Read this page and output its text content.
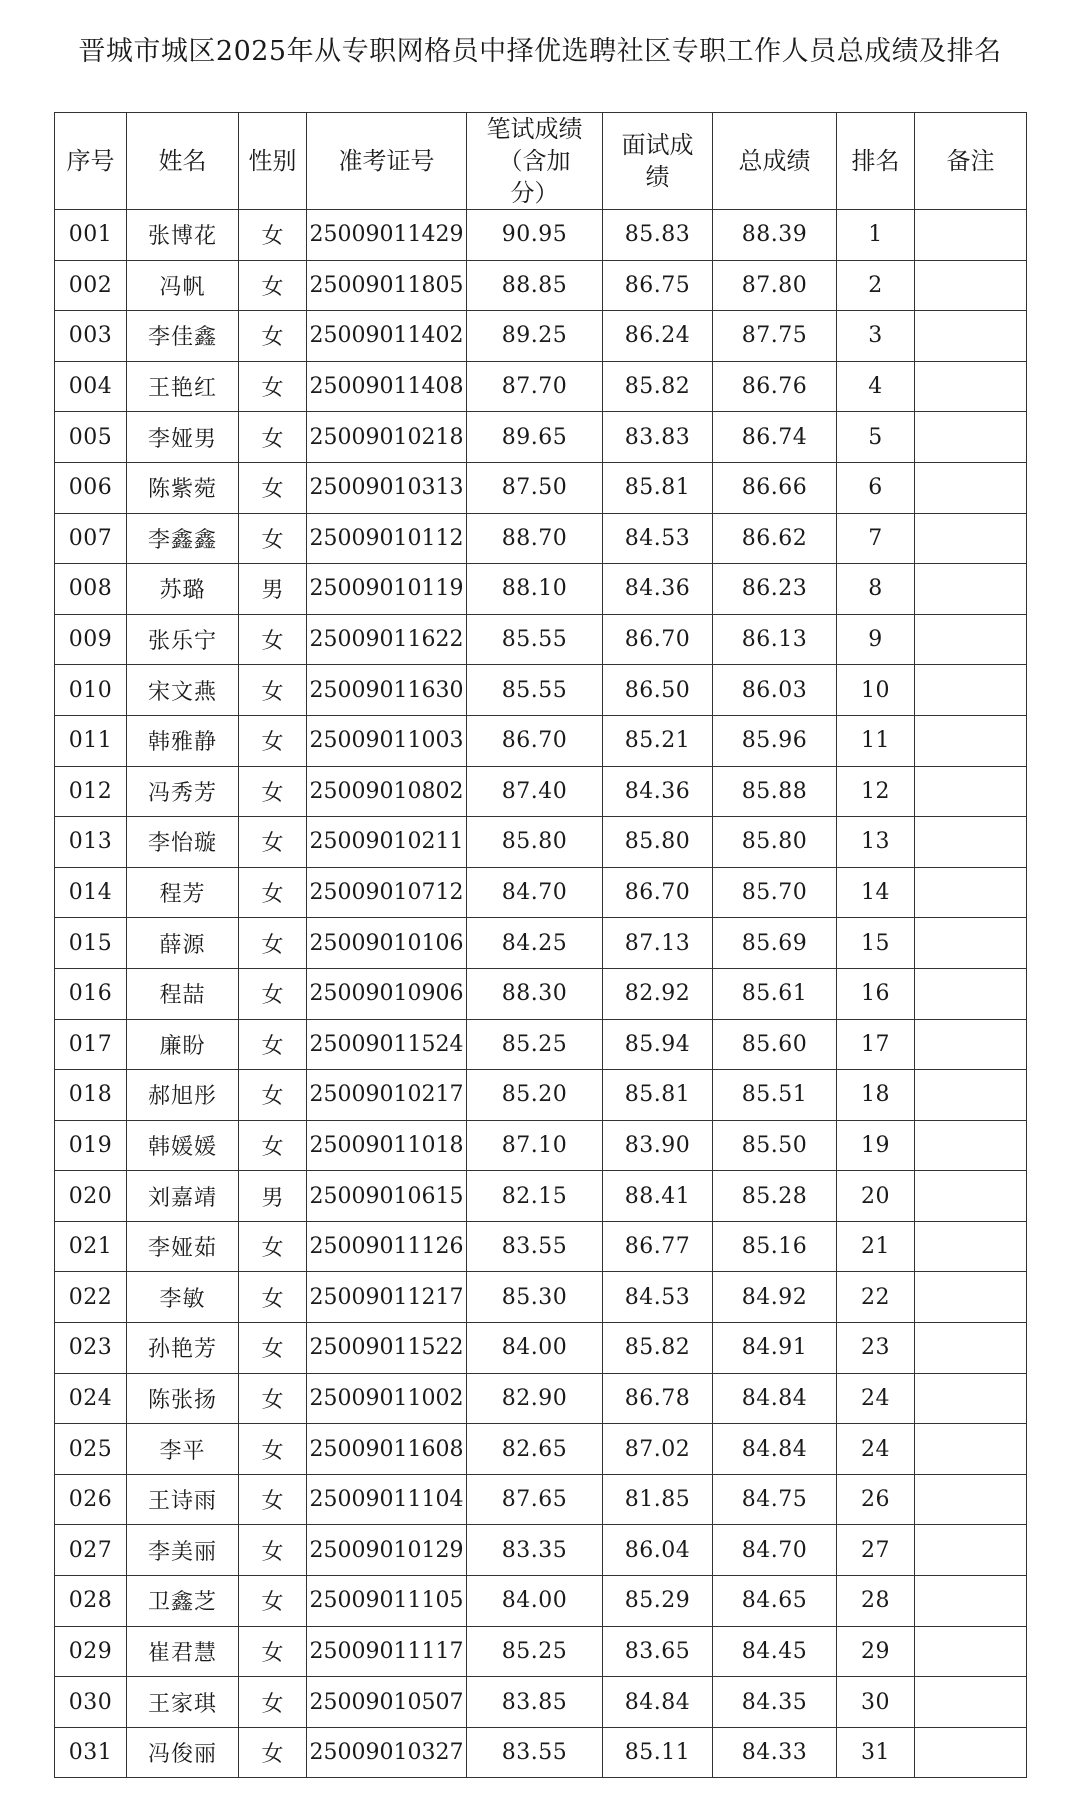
晋城市城区2025年从专职网格员中择优选聘社区专职工作人员总成绩及排名
序号	姓名	性别	准考证号	笔试成绩（含加分）	面试成绩	总成绩	排名	备注
001	张博花	女	25009011429	90.95	85.83	88.39	1	
002	冯帆	女	25009011805	88.85	86.75	87.80	2	
003	李佳鑫	女	25009011402	89.25	86.24	87.75	3	
004	王艳红	女	25009011408	87.70	85.82	86.76	4	
005	李娅男	女	25009010218	89.65	83.83	86.74	5	
006	陈紫菀	女	25009010313	87.50	85.81	86.66	6	
007	李鑫鑫	女	25009010112	88.70	84.53	86.62	7	
008	苏璐	男	25009010119	88.10	84.36	86.23	8	
009	张乐宁	女	25009011622	85.55	86.70	86.13	9	
010	宋文燕	女	25009011630	85.55	86.50	86.03	10	
011	韩雅静	女	25009011003	86.70	85.21	85.96	11	
012	冯秀芳	女	25009010802	87.40	84.36	85.88	12	
013	李怡璇	女	25009010211	85.80	85.80	85.80	13	
014	程芳	女	25009010712	84.70	86.70	85.70	14	
015	薛源	女	25009010106	84.25	87.13	85.69	15	
016	程喆	女	25009010906	88.30	82.92	85.61	16	
017	廉盼	女	25009011524	85.25	85.94	85.60	17	
018	郝旭彤	女	25009010217	85.20	85.81	85.51	18	
019	韩媛媛	女	25009011018	87.10	83.90	85.50	19	
020	刘嘉靖	男	25009010615	82.15	88.41	85.28	20	
021	李娅茹	女	25009011126	83.55	86.77	85.16	21	
022	李敏	女	25009011217	85.30	84.53	84.92	22	
023	孙艳芳	女	25009011522	84.00	85.82	84.91	23	
024	陈张扬	女	25009011002	82.90	86.78	84.84	24	
025	李平	女	25009011608	82.65	87.02	84.84	24	
026	王诗雨	女	25009011104	87.65	81.85	84.75	26	
027	李美丽	女	25009010129	83.35	86.04	84.70	27	
028	卫鑫芝	女	25009011105	84.00	85.29	84.65	28	
029	崔君慧	女	25009011117	85.25	83.65	84.45	29	
030	王家琪	女	25009010507	83.85	84.84	84.35	30	
031	冯俊丽	女	25009010327	83.55	85.11	84.33	31	
